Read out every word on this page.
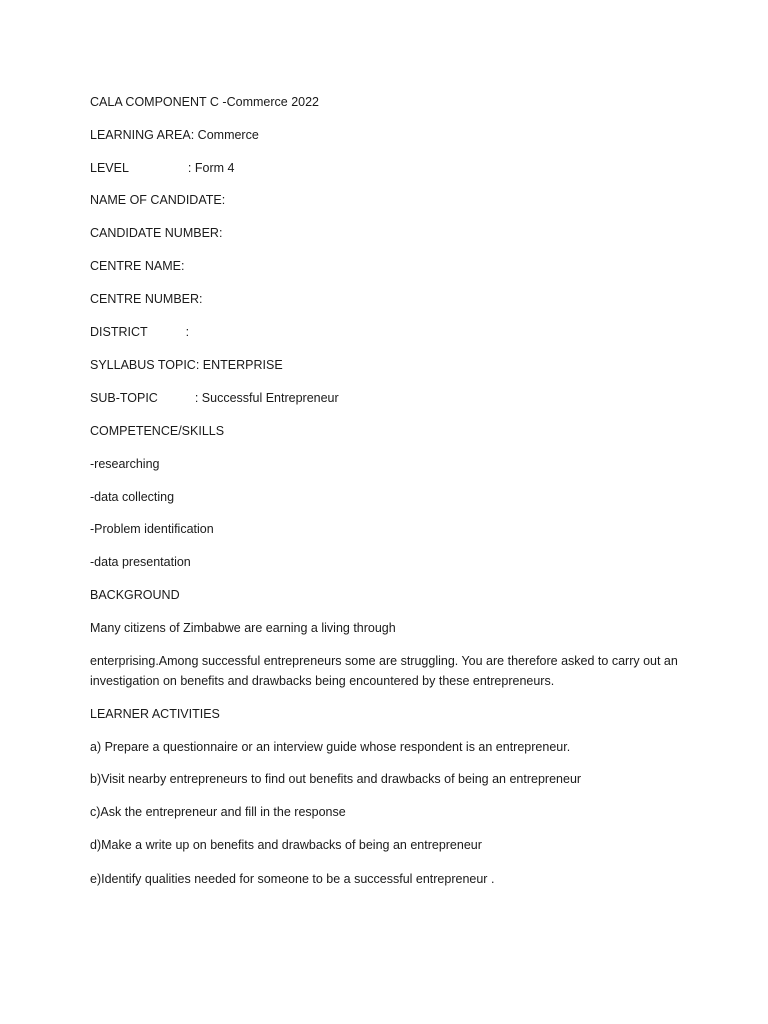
CALA COMPONENT C -Commerce 2022
LEARNING AREA: Commerce
LEVEL	: Form 4
NAME OF CANDIDATE:
CANDIDATE NUMBER:
CENTRE NAME:
CENTRE NUMBER:
DISTRICT	:
SYLLABUS TOPIC: ENTERPRISE
SUB-TOPIC	: Successful Entrepreneur
COMPETENCE/SKILLS
-researching
-data collecting
-Problem identification
-data presentation
BACKGROUND
Many citizens of Zimbabwe are earning a living through
enterprising.Among successful entrepreneurs some are struggling. You are therefore asked to carry out an investigation on benefits and drawbacks being encountered by these entrepreneurs.
LEARNER ACTIVITIES
a) Prepare a questionnaire or an interview guide whose respondent is an entrepreneur.
b)Visit nearby entrepreneurs to find out benefits and drawbacks of being an entrepreneur
c)Ask the entrepreneur and fill in the response
d)Make a write up on benefits and drawbacks of being an entrepreneur
e)Identify qualities needed for someone to be a successful entrepreneur .
